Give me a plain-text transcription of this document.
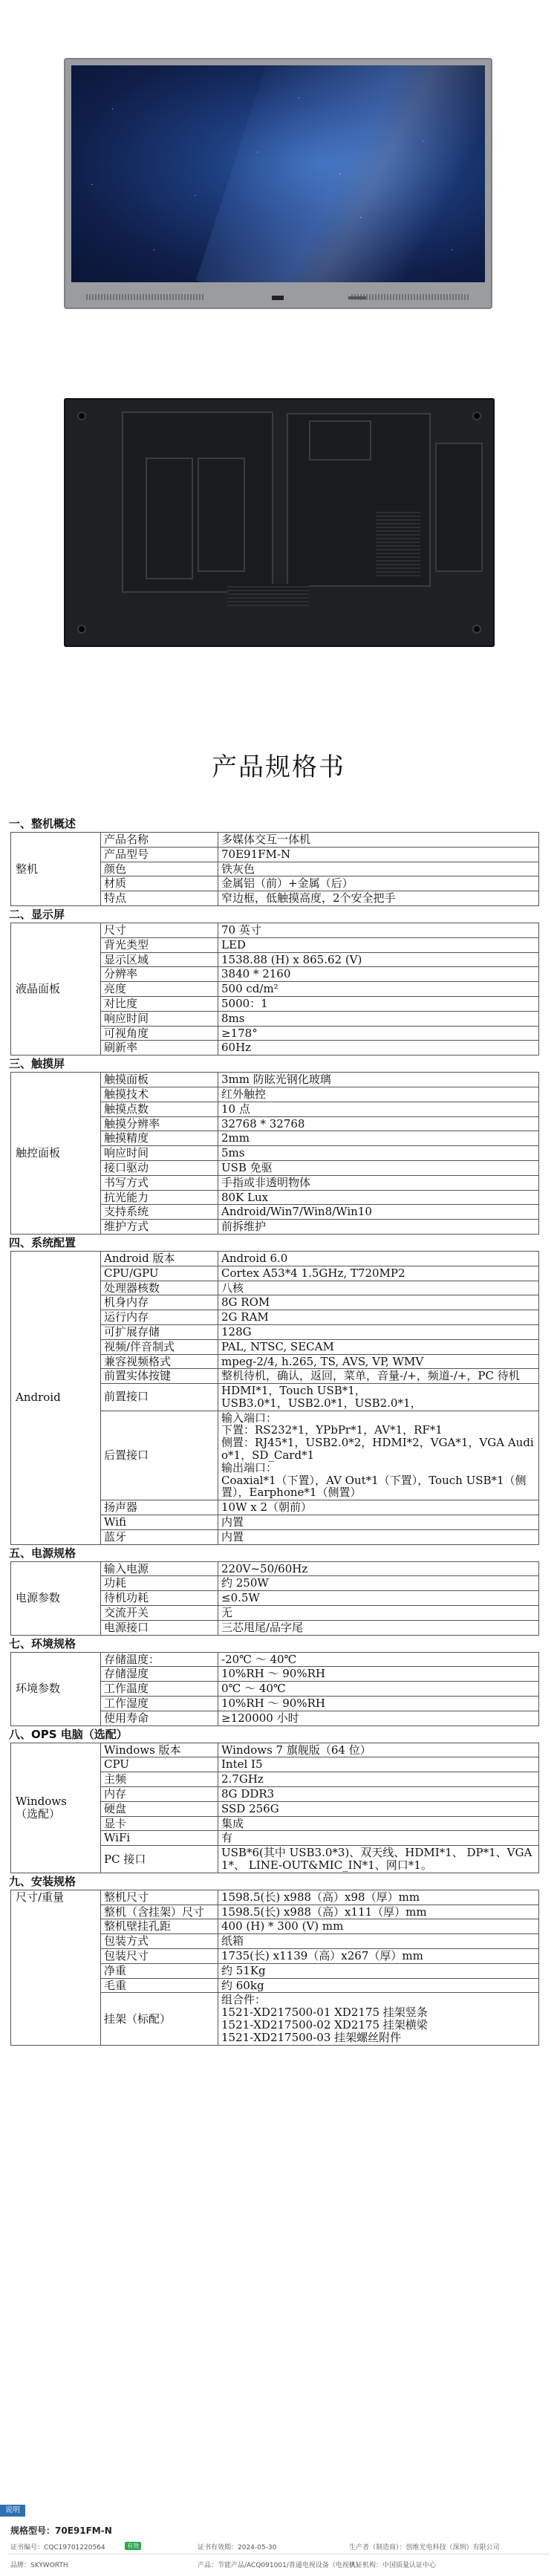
产品规格书
一、整机概述
整机	产品名称	多媒体交互一体机
	产品型号	70E91FM-N
	颜色	铁灰色
	材质	金属铝（前）+金属（后）
	特点	窄边框，低触摸高度，2个安全把手
二、显示屏
液晶面板	尺寸	70 英寸
	背光类型	LED
	显示区域	1538.88 (H) x 865.62 (V)
	分辨率	3840 * 2160
	亮度	500 cd/m²
	对比度	5000：1
	响应时间	8ms
	可视角度	≥178°
	刷新率	60Hz
三、触摸屏
触控面板	触摸面板	3mm 防眩光钢化玻璃
	触摸技术	红外触控
	触摸点数	10 点
	触摸分辨率	32768 * 32768
	触摸精度	2mm
	响应时间	5ms
	接口驱动	USB 免驱
	书写方式	手指或非透明物体
	抗光能力	80K Lux
	支持系统	Android/Win7/Win8/Win10
	维护方式	前拆维护
四、系统配置
Android	Android 版本	Android 6.0
	CPU/GPU	Cortex A53*4 1.5GHz, T720MP2
	处理器核数	八核
	机身内存	8G ROM
	运行内存	2G RAM
	可扩展存储	128G
	视频/伴音制式	PAL, NTSC, SECAM
	兼容视频格式	mpeg-2/4, h.265, TS, AVS, VP, WMV
	前置实体按键	整机待机，确认，返回，菜单，音量-/+，频道-/+，PC 待机
	前置接口	HDMI*1，Touch USB*1，
USB3.0*1，USB2.0*1，USB2.0*1，
	后置接口	输入端口：
下置：RS232*1，YPbPr*1，AV*1，RF*1
侧置：RJ45*1，USB2.0*2，HDMI*2，VGA*1，VGA Audio*1，SD_Card*1
输出端口：
Coaxial*1（下置），AV Out*1（下置），Touch USB*1（侧置），Earphone*1（侧置）
	扬声器	10W x 2（朝前）
	Wifi	内置
	蓝牙	内置
五、电源规格
电源参数	输入电源	220V~50/60Hz
	功耗	约 250W
	待机功耗	≤0.5W
	交流开关	无
	电源接口	三芯甩尾/品字尾
七、环境规格
环境参数	存储温度：	-20℃ ～ 40℃
	存储湿度	10%RH ～ 90%RH
	工作温度	0℃ ～ 40℃
	工作湿度	10%RH ～ 90%RH
	使用寿命	≥120000 小时
八、OPS 电脑（选配）
Windows
（选配）	Windows 版本	Windows 7 旗舰版（64 位）
	CPU	Intel I5
	主频	2.7GHz
	内存	8G DDR3
	硬盘	SSD 256G
	显卡	集成
	WiFi	有
	PC 接口	USB*6(其中 USB3.0*3)、双天线、HDMI*1、 DP*1、VGA1*、 LINE-OUT&MIC_IN*1、网口*1。
九、安装规格
尺寸/重量	整机尺寸	1598.5(长) x988（高）x98（厚）mm
	整机（含挂架）尺寸	1598.5(长) x988（高）x111（厚）mm
	整机壁挂孔距	400 (H) * 300 (V) mm
	包装方式	纸箱
	包装尺寸	1735(长) x1139（高）x267（厚）mm
	净重	约 51Kg
	毛重	约 60kg
	挂架（标配）	组合件：
1521-XD217500-01 XD2175 挂架竖条
1521-XD217500-02 XD2175 挂架横梁
1521-XD217500-03 挂架螺丝附件
说明
规格型号：70E91FM-N
证书编号：CQC19701220564	有效	证书有效期：2024-05-30	生产者（制造商）：创维光电科技（深圳）有限公司
品牌：SKYWORTH	产品：节能产品/ACQ091001/普通电视设备（电视机）
认证机构：中国质量认证中心
